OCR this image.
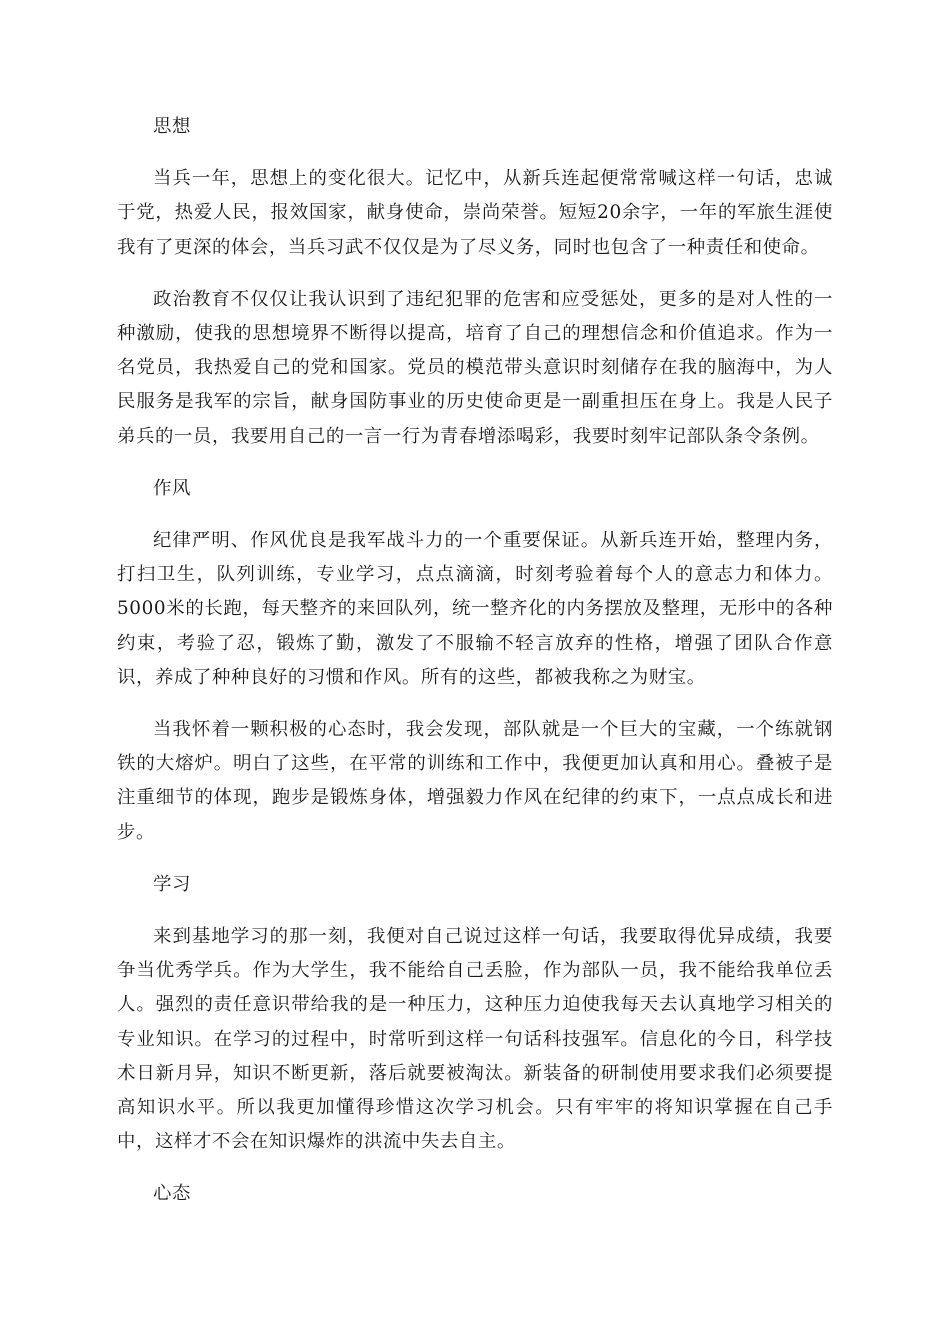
思想

当兵一年，思想上的变化很大。记忆中，从新兵连起便常常喊这样一句话，忠诚于党，热爱人民，报效国家，献身使命，崇尚荣誉。短短20余字，一年的军旅生涯使我有了更深的体会，当兵习武不仅仅是为了尽义务，同时也包含了一种责任和使命。

政治教育不仅仅让我认识到了违纪犯罪的危害和应受惩处，更多的是对人性的一种激励，使我的思想境界不断得以提高，培育了自己的理想信念和价值追求。作为一名党员，我热爱自己的党和国家。党员的模范带头意识时刻储存在我的脑海中，为人民服务是我军的宗旨，献身国防事业的历史使命更是一副重担压在身上。我是人民子弟兵的一员，我要用自己的一言一行为青春增添喝彩，我要时刻牢记部队条令条例。

作风

纪律严明、作风优良是我军战斗力的一个重要保证。从新兵连开始，整理内务，打扫卫生，队列训练，专业学习，点点滴滴，时刻考验着每个人的意志力和体力。5000米的长跑，每天整齐的来回队列，统一整齐化的内务摆放及整理，无形中的各种约束，考验了忍，锻炼了勤，激发了不服输不轻言放弃的性格，增强了团队合作意识，养成了种种良好的习惯和作风。所有的这些，都被我称之为财宝。

当我怀着一颗积极的心态时，我会发现，部队就是一个巨大的宝藏，一个练就钢铁的大熔炉。明白了这些，在平常的训练和工作中，我便更加认真和用心。叠被子是注重细节的体现，跑步是锻炼身体，增强毅力作风在纪律的约束下，一点点成长和进步。

学习

来到基地学习的那一刻，我便对自己说过这样一句话，我要取得优异成绩，我要争当优秀学兵。作为大学生，我不能给自己丢脸，作为部队一员，我不能给我单位丢人。强烈的责任意识带给我的是一种压力，这种压力迫使我每天去认真地学习相关的专业知识。在学习的过程中，时常听到这样一句话科技强军。信息化的今日，科学技术日新月异，知识不断更新，落后就要被淘汰。新装备的研制使用要求我们必须要提高知识水平。所以我更加懂得珍惜这次学习机会。只有牢牢的将知识掌握在自己手中，这样才不会在知识爆炸的洪流中失去自主。

心态
